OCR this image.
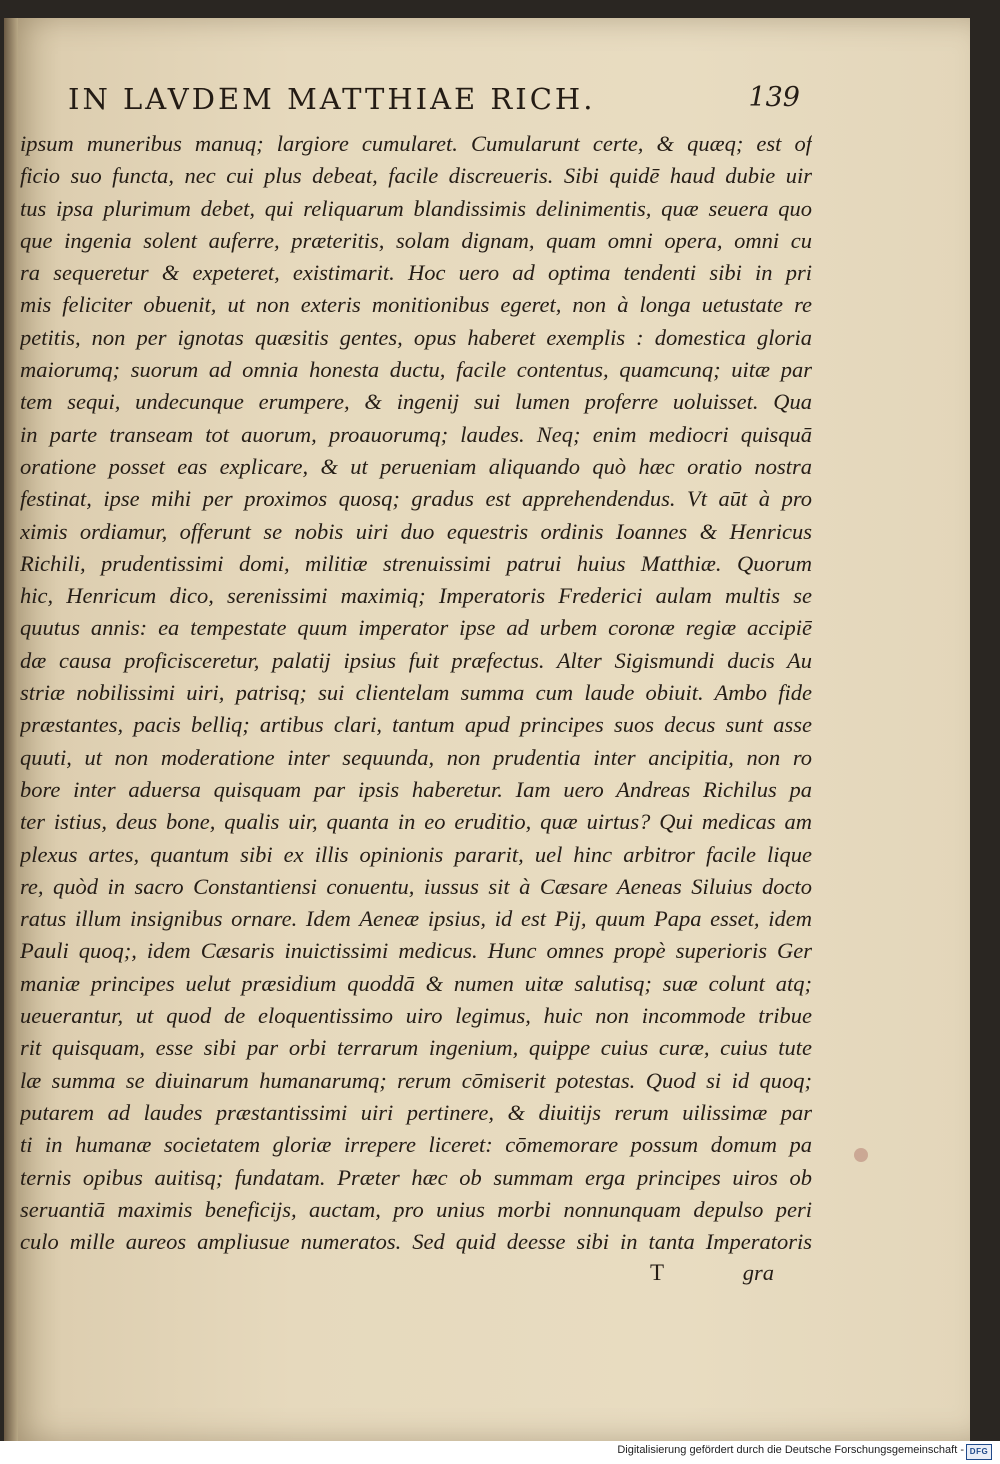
IN LAVDEM MATTHIAE RICH.	139
ipsum muneribus manuq; largiore cumularet. Cumularunt certe, & quæq; est of
ficio suo functa, nec cui plus debeat, facile discreueris. Sibi quidē haud dubie uir
tus ipsa plurimum debet, qui reliquarum blandissimis delinimentis, quæ seuera quo
que ingenia solent auferre, præteritis, solam dignam, quam omni opera, omni cu
ra sequeretur & expeteret, existimarit. Hoc uero ad optima tendenti sibi in pri
mis feliciter obuenit, ut non exteris monitionibus egeret, non à longa uetustate re
petitis, non per ignotas quæsitis gentes, opus haberet exemplis : domestica gloria
maiorumq; suorum ad omnia honesta ductu, facile contentus, quamcunq; uitæ par
tem sequi, undecunque erumpere, & ingenij sui lumen proferre uoluisset. Qua
in parte transeam tot auorum, proauorumq; laudes. Neq; enim mediocri quisquā
oratione posset eas explicare, & ut perueniam aliquando quò hæc oratio nostra
festinat, ipse mihi per proximos quosq; gradus est apprehendendus. Vt aūt à pro
ximis ordiamur, offerunt se nobis uiri duo equestris ordinis Ioannes & Henricus
Richili, prudentissimi domi, militiæ strenuissimi patrui huius Matthiæ. Quorum
hic, Henricum dico, serenissimi maximiq; Imperatoris Frederici aulam multis se
quutus annis: ea tempestate quum imperator ipse ad urbem coronæ regiæ accipiē
dæ causa proficisceretur, palatij ipsius fuit præfectus. Alter Sigismundi ducis Au
striæ nobilissimi uiri, patrisq; sui clientelam summa cum laude obiuit. Ambo fide
præstantes, pacis belliq; artibus clari, tantum apud principes suos decus sunt asse
quuti, ut non moderatione inter sequunda, non prudentia inter ancipitia, non ro
bore inter aduersa quisquam par ipsis haberetur. Iam uero Andreas Richilus pa
ter istius, deus bone, qualis uir, quanta in eo eruditio, quæ uirtus? Qui medicas am
plexus artes, quantum sibi ex illis opinionis pararit, uel hinc arbitror facile lique
re, quòd in sacro Constantiensi conuentu, iussus sit à Cæsare Aeneas Siluius docto
ratus illum insignibus ornare. Idem Aeneæ ipsius, id est Pij, quum Papa esset, idem
Pauli quoq;, idem Cæsaris inuictissimi medicus. Hunc omnes propè superioris Ger
maniæ principes uelut præsidium quoddā & numen uitæ salutisq; suæ colunt atq;
ueuerantur, ut quod de eloquentissimo uiro legimus, huic non incommode tribue
rit quisquam, esse sibi par orbi terrarum ingenium, quippe cuius curæ, cuius tute
læ summa se diuinarum humanarumq; rerum cōmiserit potestas. Quod si id quoq;
putarem ad laudes præstantissimi uiri pertinere, & diuitijs rerum uilissimæ par
ti in humanæ societatem gloriæ irrepere liceret: cōmemorare possum domum pa
ternis opibus auitisq; fundatam. Præter hæc ob summam erga principes uiros ob
seruantiā maximis beneficijs, auctam, pro unius morbi nonnunquam depulso peri
culo mille aureos ampliusue numeratos. Sed quid deesse sibi in tanta Imperatoris
T	gra
Digitalisierung gefördert durch die Deutsche Forschungsgemeinschaft - DFG
